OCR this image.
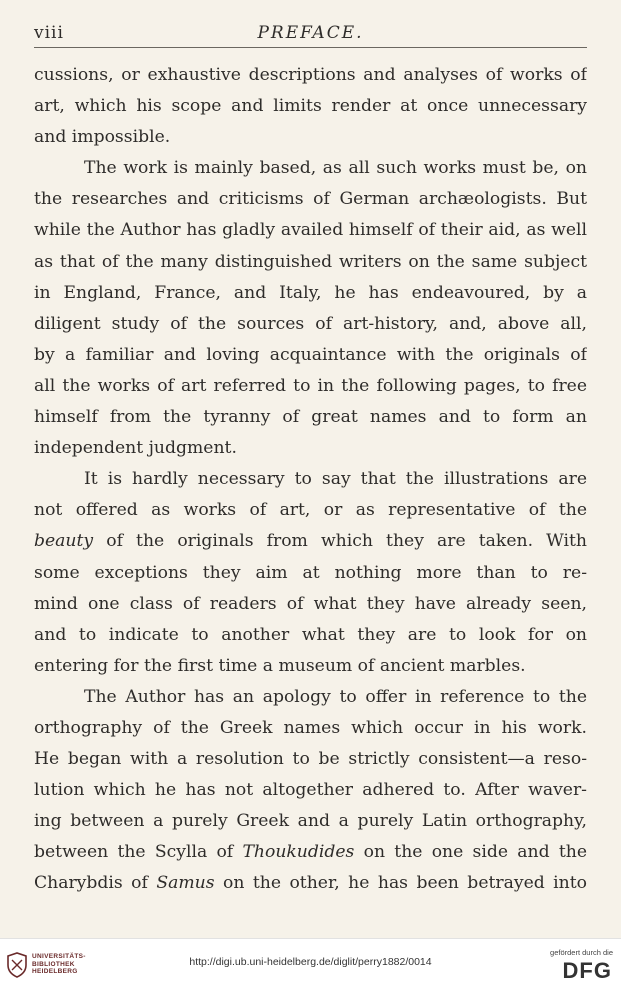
viii	PREFACE.
cussions, or exhaustive descriptions and analyses of works of
art, which his scope and limits render at once unnecessary
and impossible.
The work is mainly based, as all such works must be, on
the researches and criticisms of German archæologists. But
while the Author has gladly availed himself of their aid, as well
as that of the many distinguished writers on the same subject
in England, France, and Italy, he has endeavoured, by a
diligent study of the sources of art-history, and, above all,
by a familiar and loving acquaintance with the originals of
all the works of art referred to in the following pages, to free
himself from the tyranny of great names and to form an
independent judgment.
It is hardly necessary to say that the illustrations are
not offered as works of art, or as representative of the
beauty of the originals from which they are taken. With
some exceptions they aim at nothing more than to re-
mind one class of readers of what they have already seen,
and to indicate to another what they are to look for on
entering for the first time a museum of ancient marbles.
The Author has an apology to offer in reference to the
orthography of the Greek names which occur in his work.
He began with a resolution to be strictly consistent—a reso-
lution which he has not altogether adhered to. After waver-
ing between a purely Greek and a purely Latin orthography,
between the Scylla of Thoukudides on the one side and the
Charybdis of Samus on the other, he has been betrayed into
UNIVERSITÄTS-
BIBLIOTHEK
HEIDELBERG
http://digi.ub.uni-heidelberg.de/diglit/perry1882/0014
gefördert durch die
DFG
